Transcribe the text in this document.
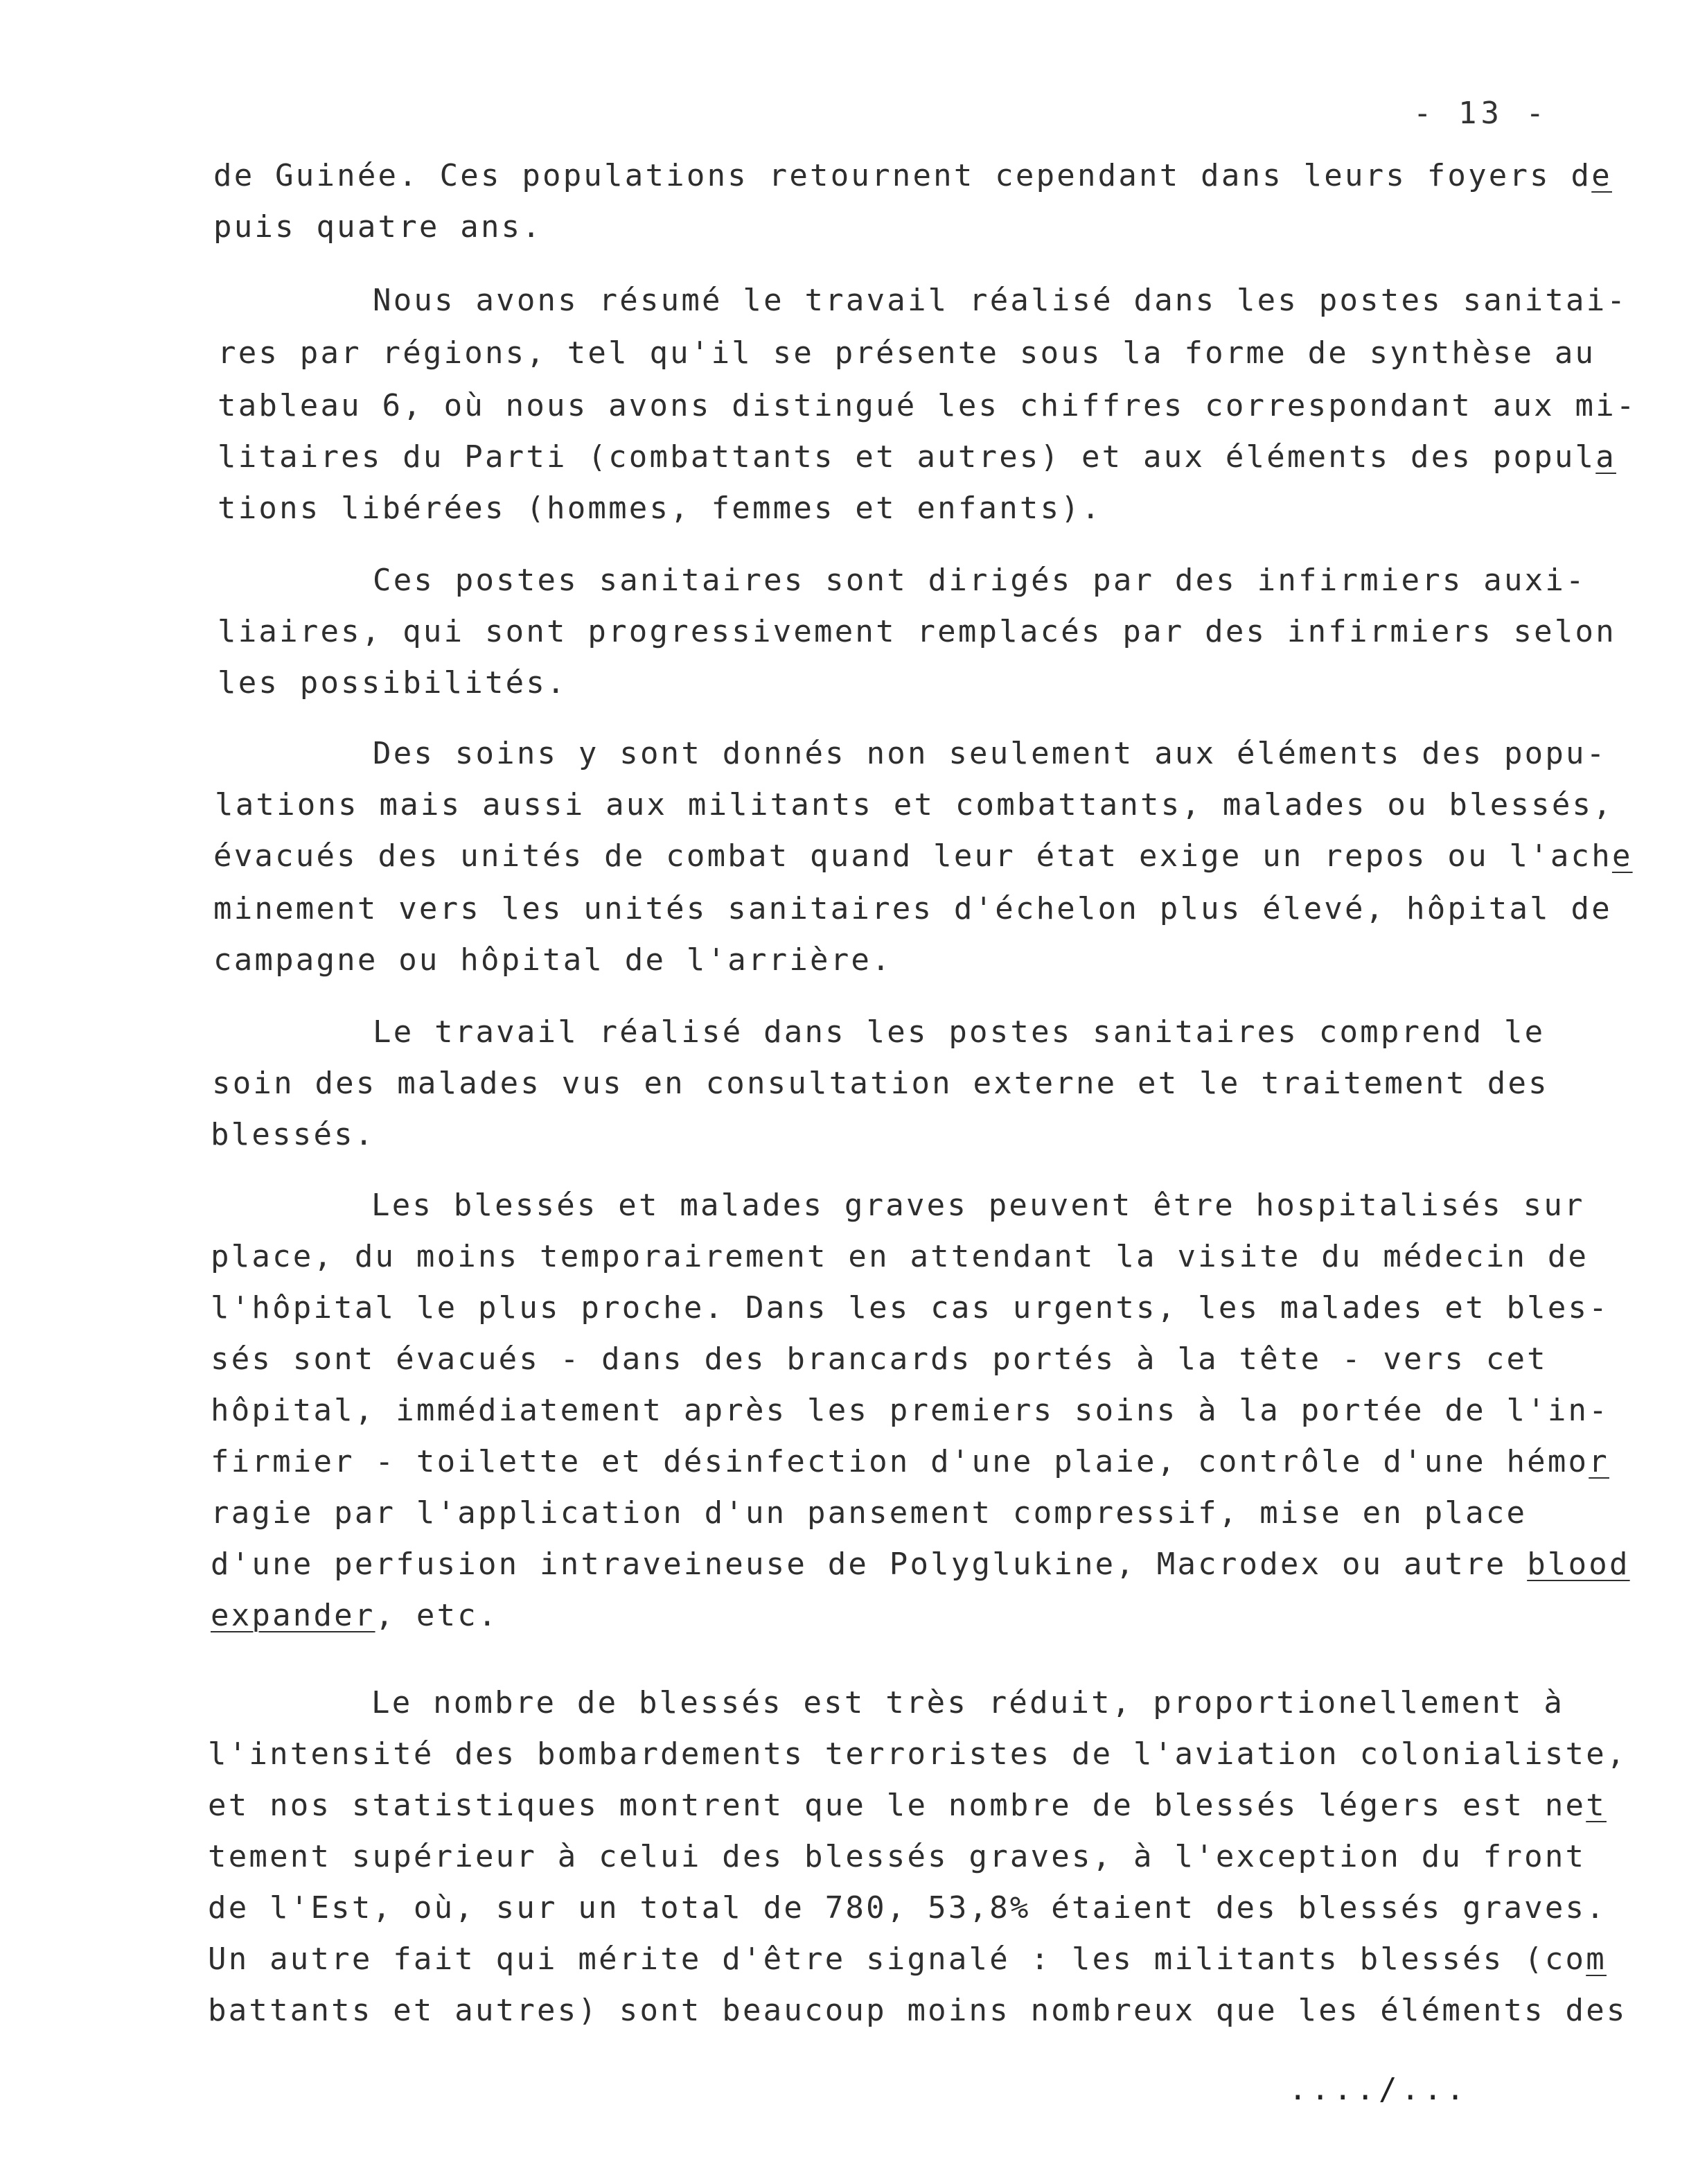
- 13 -
de Guinée. Ces populations retournent cependant dans leurs foyers de
puis quatre ans.
Nous avons résumé le travail réalisé dans les postes sanitai-
res par régions, tel qu'il se présente sous la forme de synthèse au
tableau 6, où nous avons distingué les chiffres correspondant aux mi-
litaires du Parti (combattants et autres) et aux éléments des popula
tions libérées (hommes, femmes et enfants).
Ces postes sanitaires sont dirigés par des infirmiers auxi-
liaires, qui sont progressivement remplacés par des infirmiers selon
les possibilités.
Des soins y sont donnés non seulement aux éléments des popu-
lations mais aussi aux militants et combattants, malades ou blessés,
évacués des unités de combat quand leur état exige un repos ou l'ache
minement vers les unités sanitaires d'échelon plus élevé, hôpital de
campagne ou hôpital de l'arrière.
Le travail réalisé dans les postes sanitaires comprend le
soin des malades vus en consultation externe et le traitement des
blessés.
Les blessés et malades graves peuvent être hospitalisés sur
place, du moins temporairement en attendant la visite du médecin de
l'hôpital le plus proche. Dans les cas urgents, les malades et bles-
sés sont évacués - dans des brancards portés à la tête - vers cet
hôpital, immédiatement après les premiers soins à la portée de l'in-
firmier - toilette et désinfection d'une plaie, contrôle d'une hémor
ragie par l'application d'un pansement compressif, mise en place
d'une perfusion intraveineuse de Polyglukine, Macrodex ou autre blood
expander, etc.
Le nombre de blessés est très réduit, proportionellement à
l'intensité des bombardements terroristes de l'aviation colonialiste,
et nos statistiques montrent que le nombre de blessés légers est net
tement supérieur à celui des blessés graves, à l'exception du front
de l'Est, où, sur un total de 780, 53,8% étaient des blessés graves.
Un autre fait qui mérite d'être signalé : les militants blessés (com
battants et autres) sont beaucoup moins nombreux que les éléments des
..../...
